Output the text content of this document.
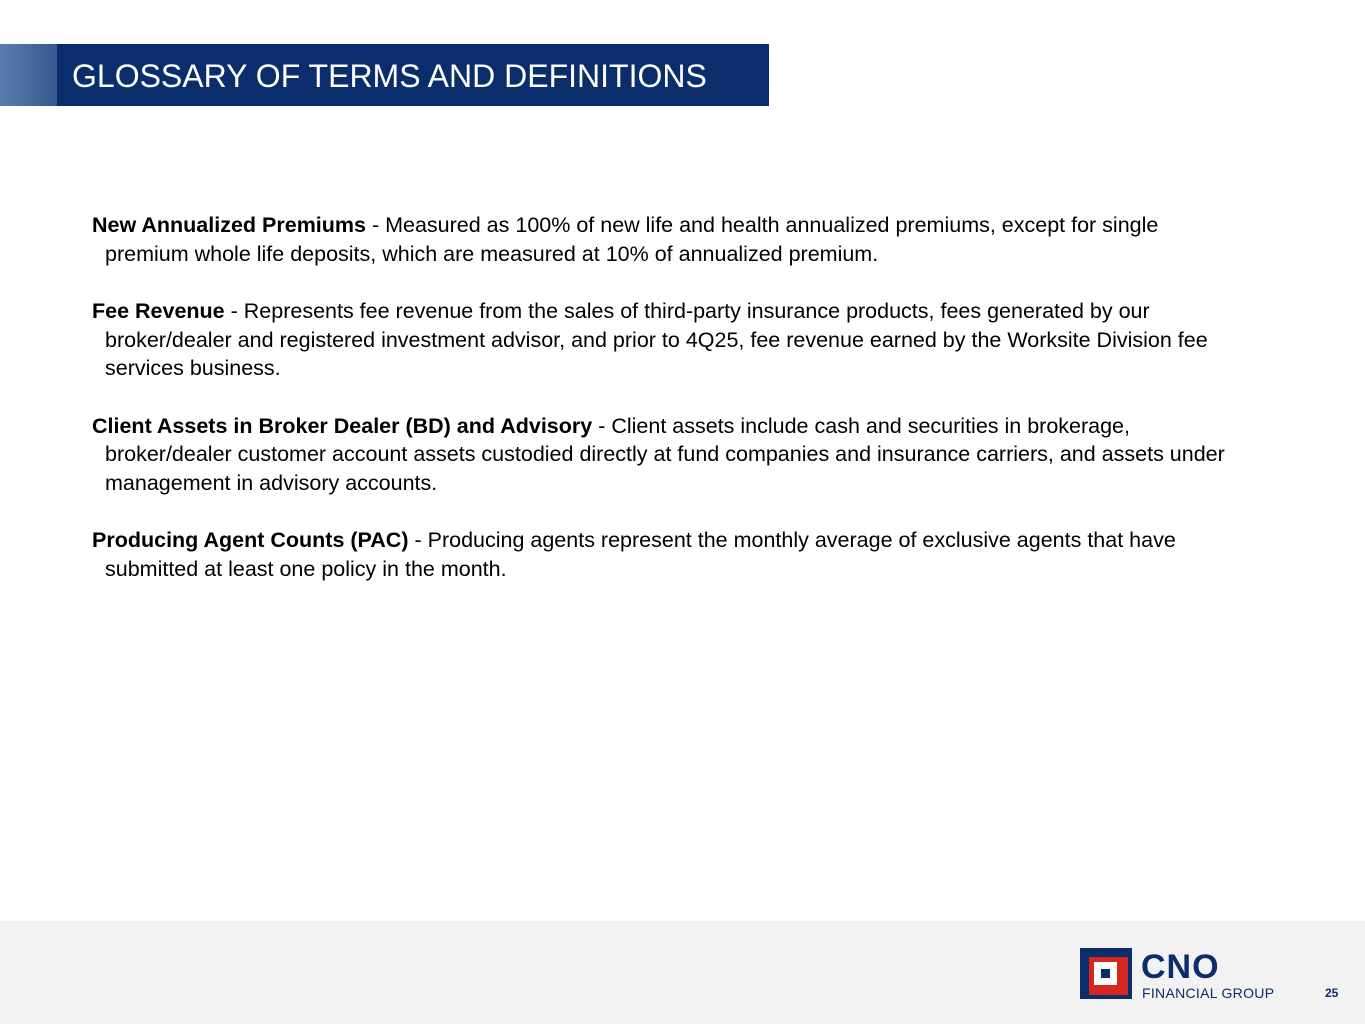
GLOSSARY OF TERMS AND DEFINITIONS

New Annualized Premiums - Measured as 100% of new life and health annualized premiums, except for single premium whole life deposits, which are measured at 10% of annualized premium.

Fee Revenue - Represents fee revenue from the sales of third-party insurance products, fees generated by our broker/dealer and registered investment advisor, and prior to 4Q25, fee revenue earned by the Worksite Division fee services business.

Client Assets in Broker Dealer (BD) and Advisory - Client assets include cash and securities in brokerage, broker/dealer customer account assets custodied directly at fund companies and insurance carriers, and assets under management in advisory accounts.

Producing Agent Counts (PAC) - Producing agents represent the monthly average of exclusive agents that have submitted at least one policy in the month.

CNO
FINANCIAL GROUP	25
